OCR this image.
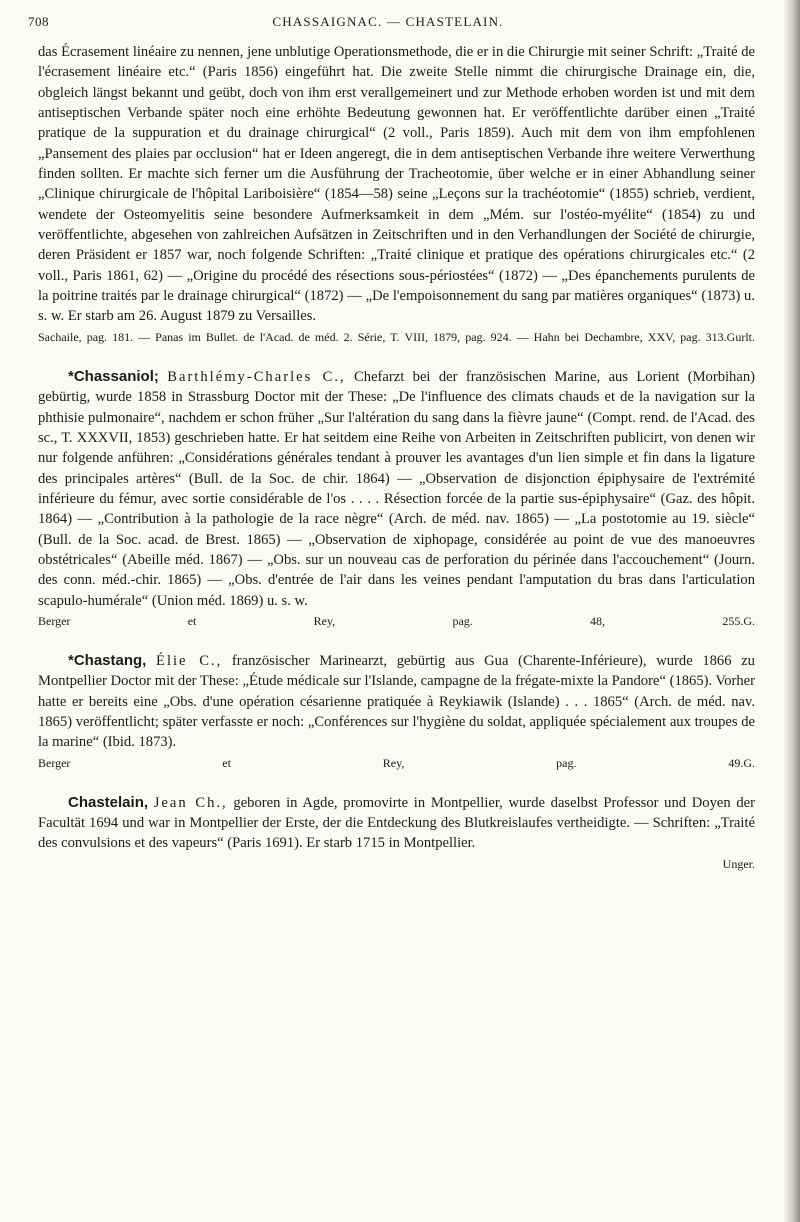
708	CHASSAIGNAC. — CHASTELAIN.

das Écrasement linéaire zu nennen, jene unblutige Operationsmethode, die er in die Chirurgie mit seiner Schrift: „Traité de l'écrasement linéaire etc.“ (Paris 1856) eingeführt hat. Die zweite Stelle nimmt die chirurgische Drainage ein, die, obgleich längst bekannt und geübt, doch von ihm erst verallgemeinert und zur Methode erhoben worden ist und mit dem antiseptischen Verbande später noch eine erhöhte Bedeutung gewonnen hat. Er veröffentlichte darüber einen „Traité pratique de la suppuration et du drainage chirurgical“ (2 voll., Paris 1859). Auch mit dem von ihm empfohlenen „Pansement des plaies par occlusion“ hat er Ideen angeregt, die in dem antiseptischen Verbande ihre weitere Verwerthung finden sollten. Er machte sich ferner um die Ausführung der Tracheotomie, über welche er in einer Abhandlung seiner „Clinique chirurgicale de l'hôpital Lariboisière“ (1854—58) seine „Leçons sur la trachéotomie“ (1855) schrieb, verdient, wendete der Osteomyelitis seine besondere Aufmerksamkeit in dem „Mém. sur l'ostéo-myélite“ (1854) zu und veröffentlichte, abgesehen von zahlreichen Aufsätzen in Zeitschriften und in den Verhandlungen der Société de chirurgie, deren Präsident er 1857 war, noch folgende Schriften: „Traité clinique et pratique des opérations chirurgicales etc.“ (2 voll., Paris 1861, 62) — „Origine du procédé des résections sous-périostées“ (1872) — „Des épanchements purulents de la poitrine traités par le drainage chirurgical“ (1872) — „De l'empoisonnement du sang par matières organiques“ (1873) u. s. w. Er starb am 26. August 1879 zu Versailles.

Sachaile, pag. 181. — Panas im Bullet. de l'Acad. de méd. 2. Série, T. VIII, 1879, pag. 924. — Hahn bei Dechambre, XXV, pag. 313. Gurlt.

*Chassaniol; Barthlémy-Charles C., Chefarzt bei der französischen Marine, aus Lorient (Morbihan) gebürtig, wurde 1858 in Strassburg Doctor mit der These: „De l'influence des climats chauds et de la navigation sur la phthisie pulmonaire“, nachdem er schon früher „Sur l'altération du sang dans la fièvre jaune“ (Compt. rend. de l'Acad. des sc., T. XXXVII, 1853) geschrieben hatte. Er hat seitdem eine Reihe von Arbeiten in Zeitschriften publicirt, von denen wir nur folgende anführen: „Considérations générales tendant à prouver les avantages d'un lien simple et fin dans la ligature des principales artères“ (Bull. de la Soc. de chir. 1864) — „Observation de disjonction épiphysaire de l'extrémité inférieure du fémur, avec sortie considérable de l'os . . . . Résection forcée de la partie sus-épiphysaire“ (Gaz. des hôpit. 1864) — „Contribution à la pathologie de la race nègre“ (Arch. de méd. nav. 1865) — „La postotomie au 19. siècle“ (Bull. de la Soc. acad. de Brest. 1865) — „Observation de xiphopage, considérée au point de vue des manoeuvres obstétricales“ (Abeille méd. 1867) — „Obs. sur un nouveau cas de perforation du périnée dans l'accouchement“ (Journ. des conn. méd.-chir. 1865) — „Obs. d'entrée de l'air dans les veines pendant l'amputation du bras dans l'articulation scapulo-humérale“ (Union méd. 1869) u. s. w.

Berger et Rey, pag. 48, 255. G.

*Chastang, Élie C., französischer Marinearzt, gebürtig aus Gua (Charente-Inférieure), wurde 1866 zu Montpellier Doctor mit der These: „Étude médicale sur l'Islande, campagne de la frégate-mixte la Pandore“ (1865). Vorher hatte er bereits eine „Obs. d'une opération césarienne pratiquée à Reykiawik (Islande) . . . 1865“ (Arch. de méd. nav. 1865) veröffentlicht; später verfasste er noch: „Conférences sur l'hygiène du soldat, appliquée spécialement aux troupes de la marine“ (Ibid. 1873).

Berger et Rey, pag. 49. G.

Chastelain, Jean Ch., geboren in Agde, promovirte in Montpellier, wurde daselbst Professor und Doyen der Facultät 1694 und war in Montpellier der Erste, der die Entdeckung des Blutkreislaufes vertheidigte. — Schriften: „Traité des convulsions et des vapeurs“ (Paris 1691). Er starb 1715 in Montpellier.

Unger.
